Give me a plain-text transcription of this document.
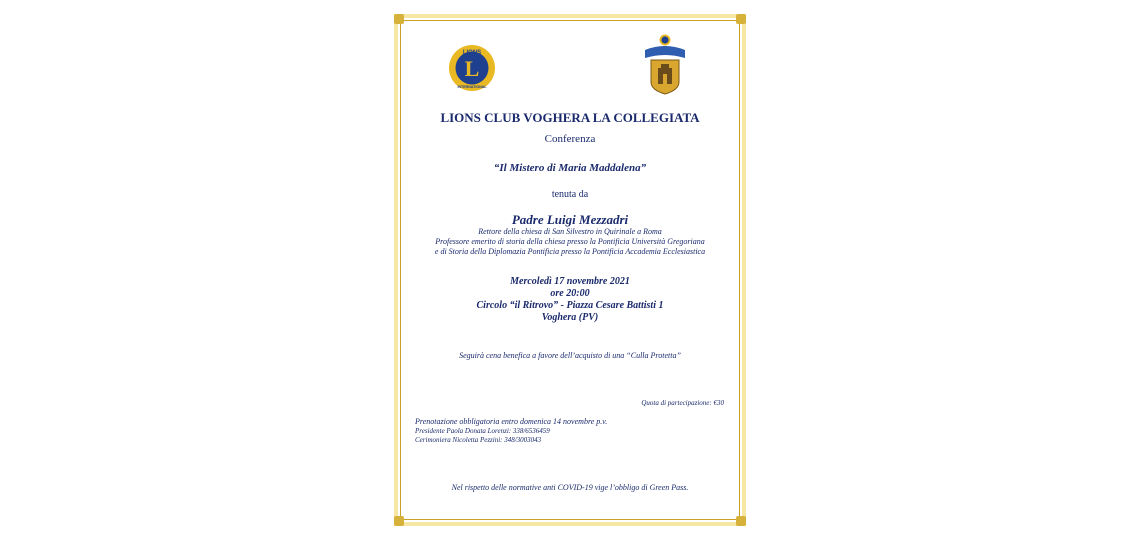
LIONS
INTERNATIONAL
L
LIONS CLUB VOGHERA LA COLLEGIATA
Conferenza
“Il Mistero di Maria Maddalena”
tenuta da
Padre Luigi Mezzadri
Rettore della chiesa di San Silvestro in Quirinale a Roma
Professore emerito di storia della chiesa presso la Pontificia Università Gregoriana
e di Storia della Diplomazia Pontificia presso la Pontificia Accademia Ecclesiastica
Mercoledì 17 novembre 2021
ore 20:00
Circolo “il Ritrovo” - Piazza Cesare Battisti 1
Voghera (PV)
Seguirà cena benefica a favore dell’acquisto di una “Culla Protetta”
Quota di partecipazione: €30
Prenotazione obbligatoria entro domenica 14 novembre p.v.
Presidente Paola Donata Lorenzi: 338/6536459
Cerimoniera Nicoletta Pezzini: 348/3003043
Nel rispetto delle normative anti COVID-19 vige l’obbligo di Green Pass.
